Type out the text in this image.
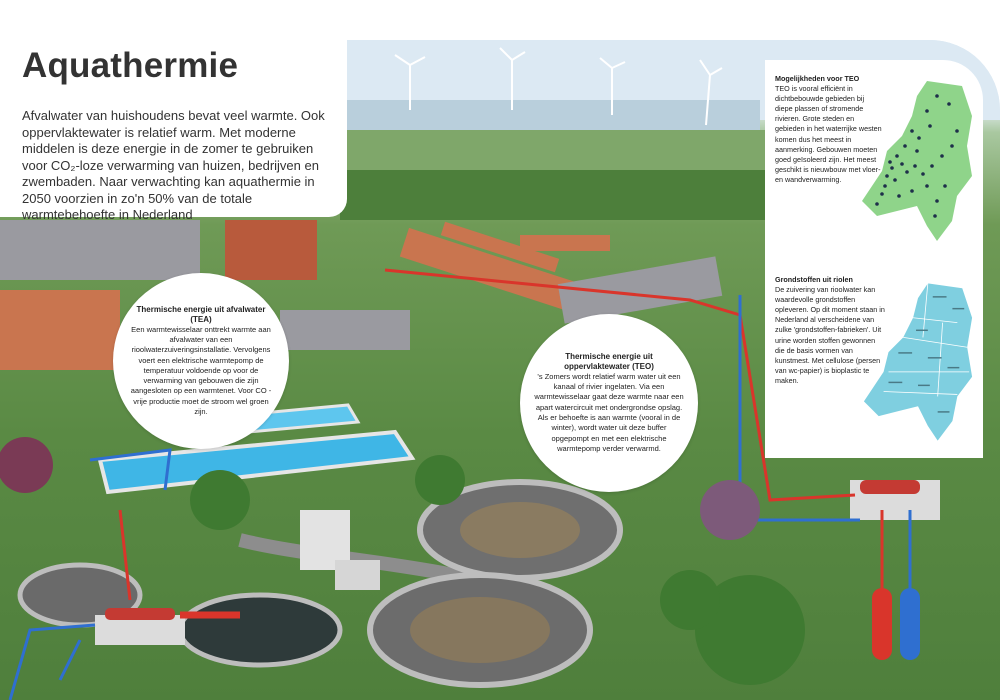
Aquathermie

Afvalwater van huishoudens bevat veel warmte. Ook oppervlaktewater is relatief warm. Met moderne middelen is deze energie in de zomer te gebruiken voor CO₂-loze verwarming van huizen, bedrijven en zwembaden. Naar verwachting kan aquathermie in 2050 voorzien in zo'n 50% van de totale warmtebehoefte in Nederland

Thermische energie uit afvalwater (TEA)

Een warmtewisselaar onttrekt warmte aan afvalwater van een rioolwaterzuiveringsinstallatie. Vervolgens voert een elektrische warmtepomp de temperatuur voldoende op voor de verwarming van gebouwen die zijn aangesloten op een warmtenet. Voor CO -vrije productie moet de stroom wel groen zijn.

Thermische energie uit oppervlaktewater (TEO)

's Zomers wordt relatief warm water uit een kanaal of rivier ingelaten. Via een warmtewisselaar gaat deze warmte naar een apart watercircuit met ondergrondse opslag. Als er behoefte is aan warmte (vooral in de winter), wordt water uit deze buffer opgepompt en met een elektrische warmtepomp verder verwarmd.

Mogelijkheden voor TEO
TEO is vooral efficiënt in dichtbebouwde gebieden bij diepe plassen of stromende rivieren. Grote steden en gebieden in het waterrijke westen komen dus het meest in aanmerking. Gebouwen moeten goed geïsoleerd zijn. Het meest geschikt is nieuwbouw met vloer- en wandverwarming.
Grondstoffen uit riolen
De zuivering van rioolwater kan waardevolle grondstoffen opleveren. Op dit moment staan in Nederland al verscheidene van zulke 'grondstoffen-fabrieken'. Uit urine worden stoffen gewonnen die de basis vormen van kunstmest. Met cellulose (persen van wc-papier) is bioplastic te maken.
